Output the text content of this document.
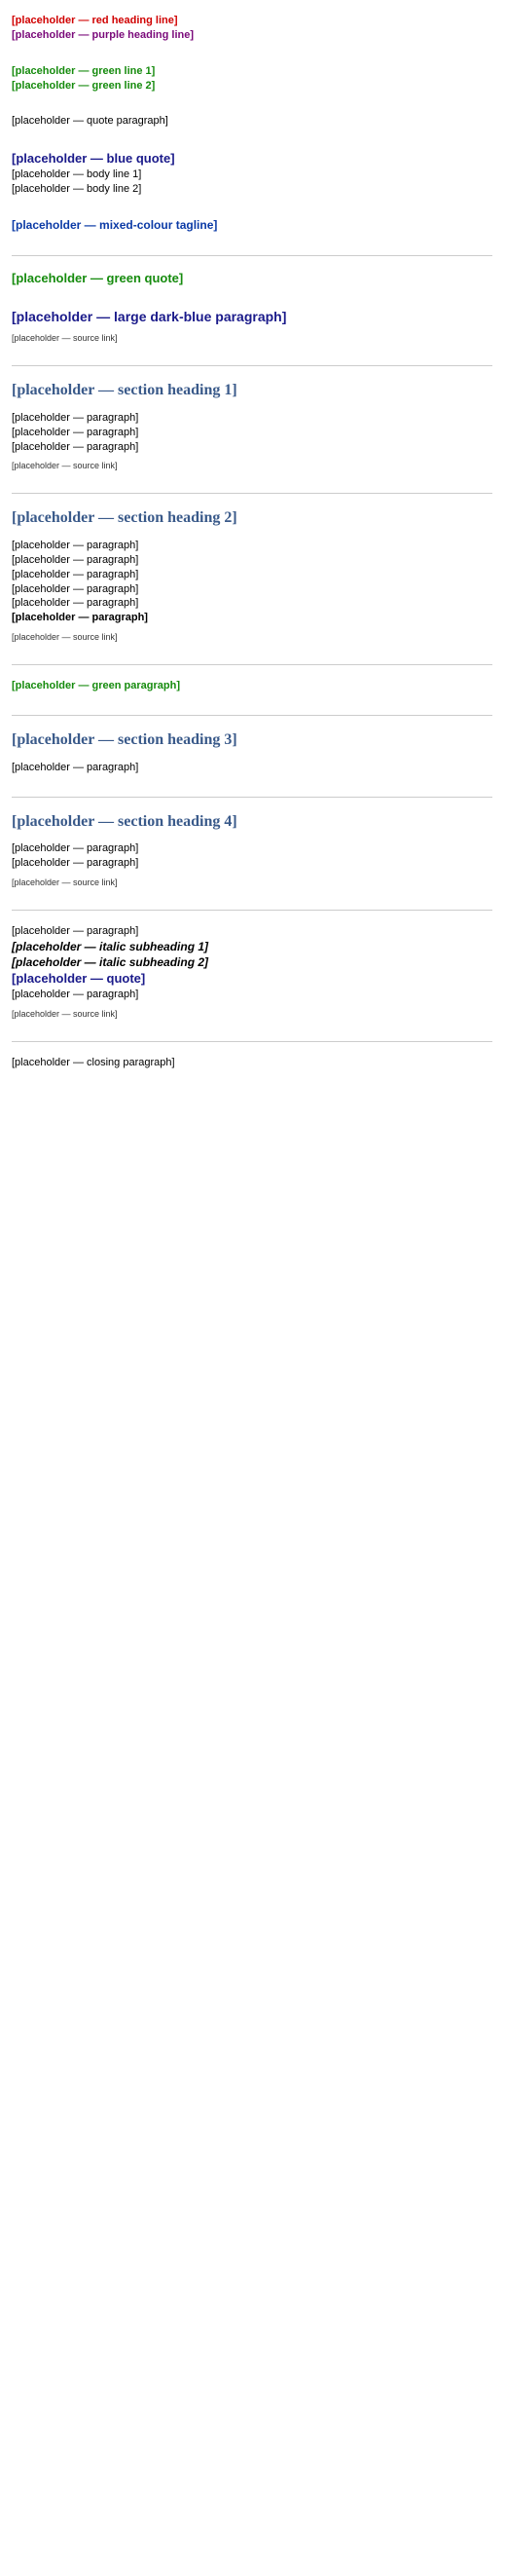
[placeholder — red heading line]
[placeholder — purple heading line]
[placeholder — green line 1]
[placeholder — green line 2]
[placeholder — quote paragraph]
[placeholder — blue quote]
[placeholder — body line 1]
[placeholder — body line 2]
[placeholder — mixed-colour tagline]
[placeholder — green quote]
[placeholder — large dark-blue paragraph]
[placeholder — source link]
[placeholder — section heading 1]
[placeholder — paragraph]
[placeholder — paragraph]
[placeholder — paragraph]
[placeholder — source link]
[placeholder — section heading 2]
[placeholder — paragraph]
[placeholder — paragraph]
[placeholder — paragraph]
[placeholder — paragraph]
[placeholder — paragraph]
[placeholder — paragraph]
[placeholder — source link]
[placeholder — green paragraph]
[placeholder — section heading 3]
[placeholder — paragraph]
[placeholder — section heading 4]
[placeholder — paragraph]
[placeholder — paragraph]
[placeholder — source link]
[placeholder — paragraph]
[placeholder — italic subheading 1]
[placeholder — italic subheading 2]
[placeholder — quote]
[placeholder — paragraph]
[placeholder — source link]
[placeholder — closing paragraph]
